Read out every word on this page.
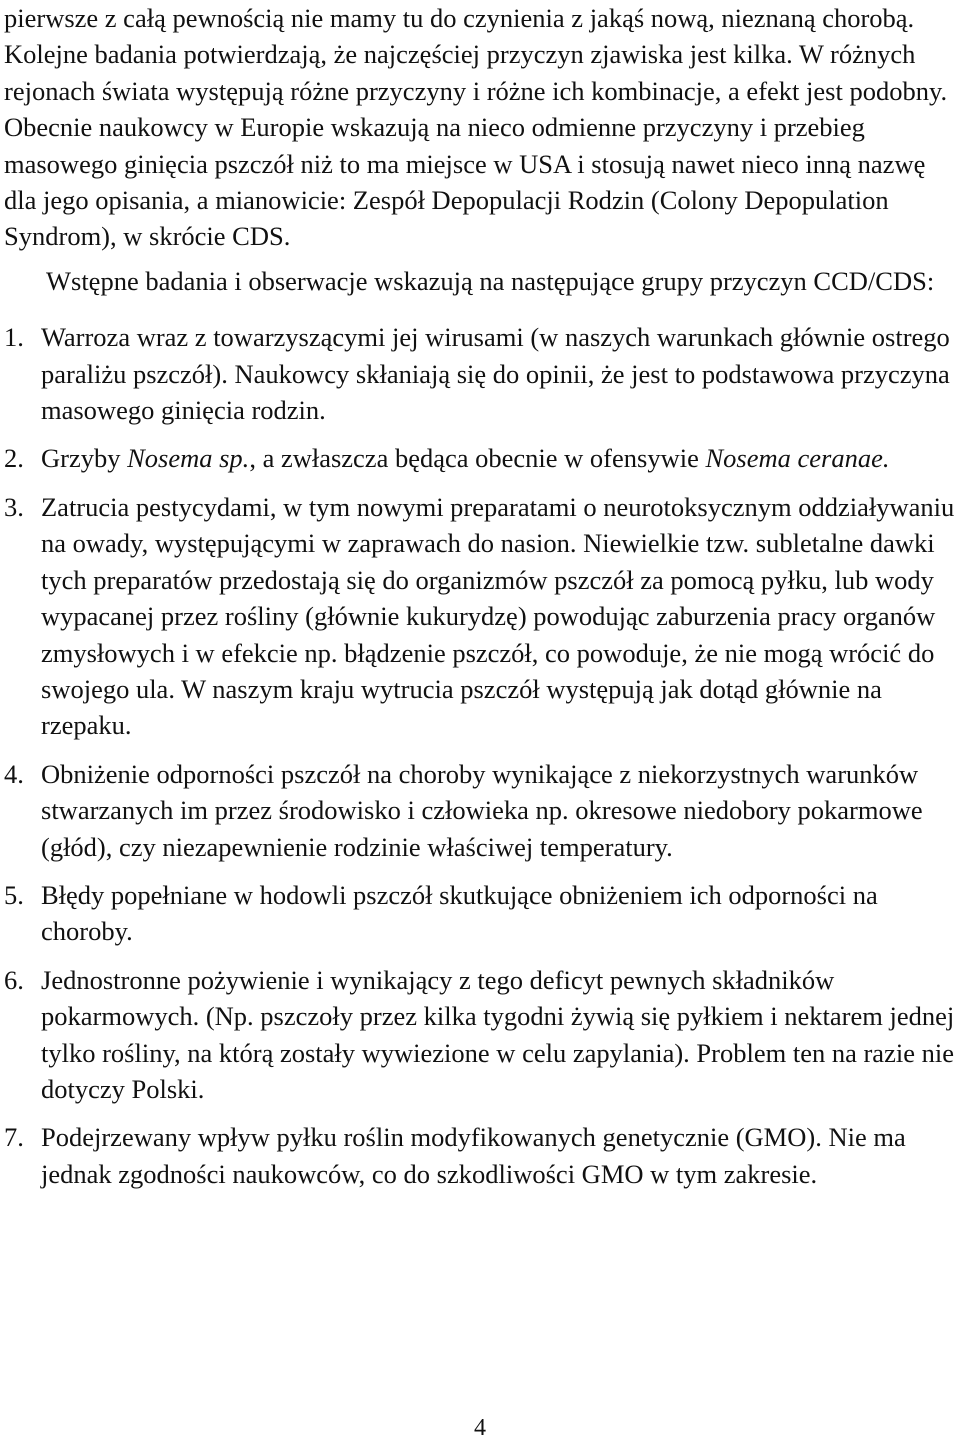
pierwsze z całą pewnością nie mamy tu do czynienia z jakąś nową, nieznaną chorobą. Kolejne badania potwierdzają, że najczęściej przyczyn zjawiska jest kilka. W różnych rejonach świata występują różne przyczyny i różne ich kombinacje, a efekt jest podobny. Obecnie naukowcy w Europie wskazują na nieco odmienne przyczyny i przebieg masowego ginięcia pszczół niż to ma miejsce w USA i stosują nawet nieco inną nazwę dla jego opisania, a mianowicie: Zespół Depopulacji Rodzin (Colony Depopulation Syndrom), w skrócie CDS.

Wstępne badania i obserwacje wskazują na następujące grupy przyczyn CCD/CDS:

1. Warroza wraz z towarzyszącymi jej wirusami (w naszych warunkach głównie ostrego paraliżu pszczół). Naukowcy skłaniają się do opinii, że jest to podstawowa przyczyna masowego ginięcia rodzin.
2. Grzyby Nosema sp., a zwłaszcza będąca obecnie w ofensywie Nosema ceranae.
3. Zatrucia pestycydami, w tym nowymi preparatami o neurotoksycznym oddziaływaniu na owady, występującymi w zaprawach do nasion. Niewielkie tzw. subletalne dawki tych preparatów przedostają się do organizmów pszczół za pomocą pyłku, lub wody wypacanej przez rośliny (głównie kukurydzę) powodując zaburzenia pracy organów zmysłowych i w efekcie np. błądzenie pszczół, co powoduje, że nie mogą wrócić do swojego ula. W naszym kraju wytrucia pszczół występują jak dotąd głównie na rzepaku.
4. Obniżenie odporności pszczół na choroby wynikające z niekorzystnych warunków stwarzanych im przez środowisko i człowieka np. okresowe niedobory pokarmowe (głód), czy niezapewnienie rodzinie właściwej temperatury.
5. Błędy popełniane w hodowli pszczół skutkujące obniżeniem ich odporności na choroby.
6. Jednostronne pożywienie i wynikający z tego deficyt pewnych składników pokarmowych. (Np. pszczoły przez kilka tygodni żywią się pyłkiem i nektarem jednej tylko rośliny, na którą zostały wywiezione w celu zapylania). Problem ten na razie nie dotyczy Polski.
7. Podejrzewany wpływ pyłku roślin modyfikowanych genetycznie (GMO). Nie ma jednak zgodności naukowców, co do szkodliwości GMO w tym zakresie.
4
